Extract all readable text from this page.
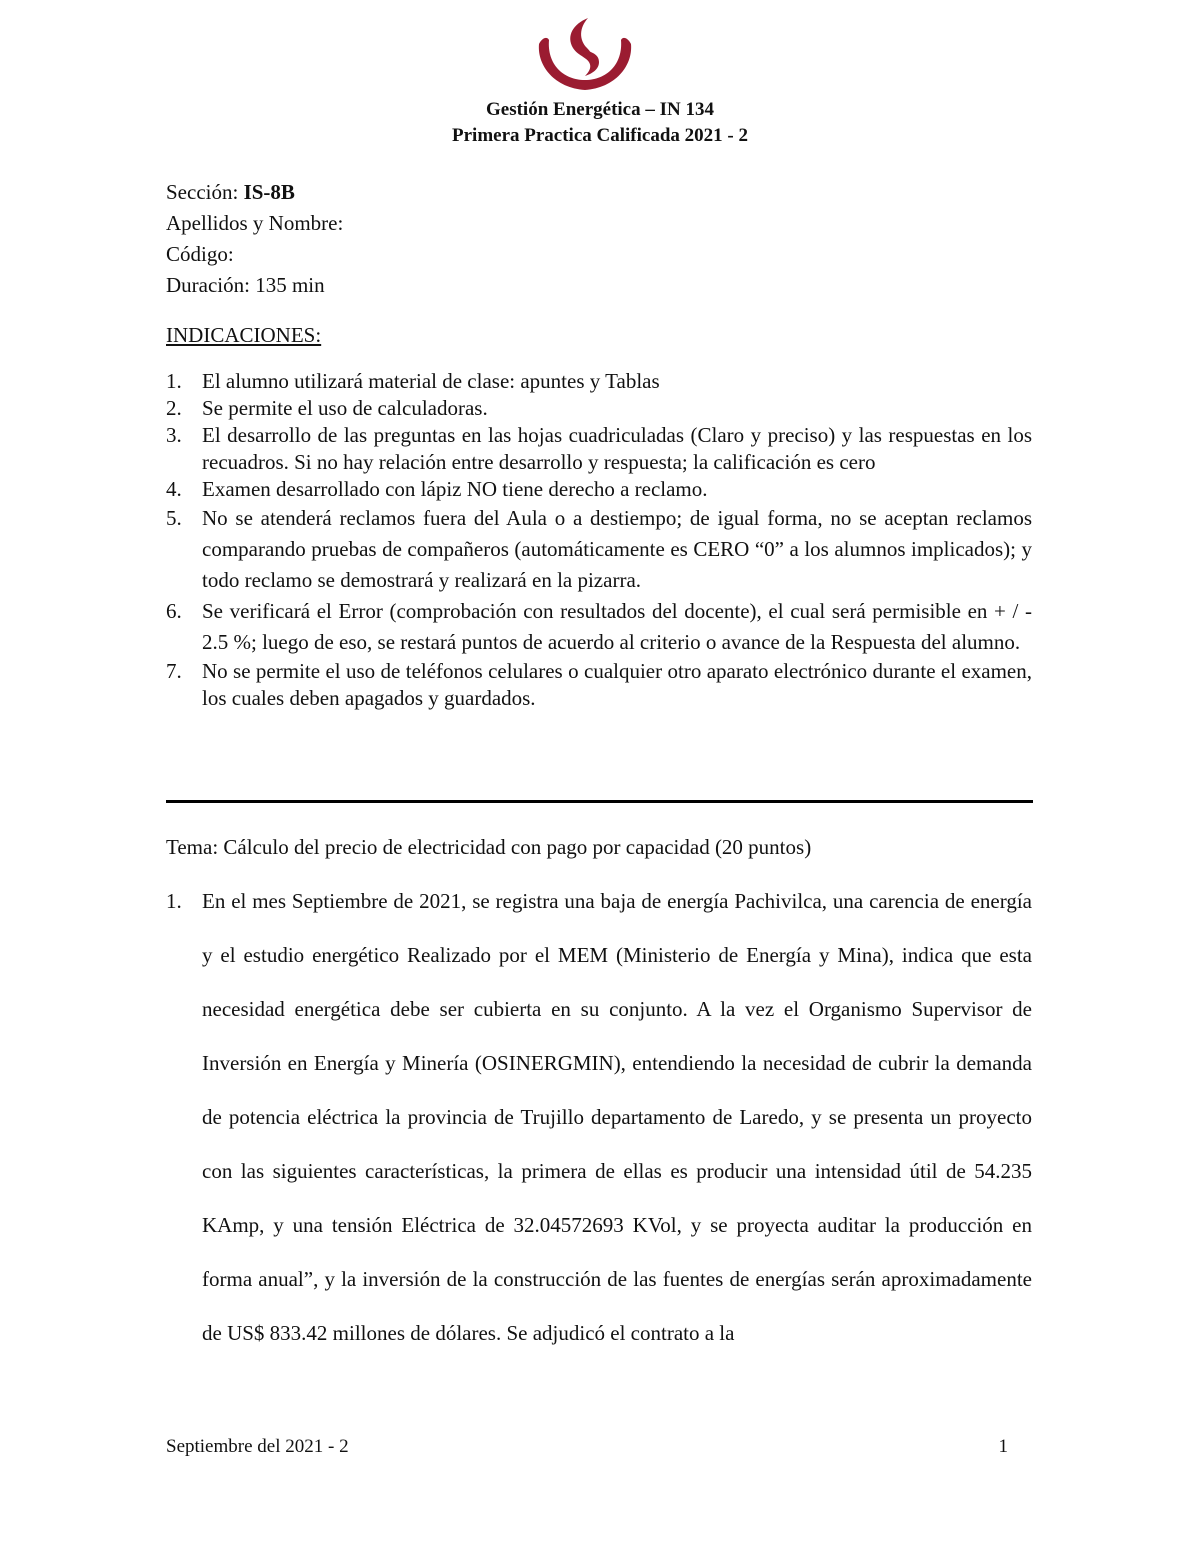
Gestión Energética – IN 134
Primera Practica Calificada 2021 - 2
Sección: IS-8B
Apellidos y Nombre:
Código:
Duración: 135 min
INDICACIONES:
1. El alumno utilizará material de clase: apuntes y Tablas
2. Se permite el uso de calculadoras.
3. El desarrollo de las preguntas en las hojas cuadriculadas (Claro y preciso) y las respuestas en los recuadros. Si no hay relación entre desarrollo y respuesta; la calificación es cero
4. Examen desarrollado con lápiz NO tiene derecho a reclamo.
5. No se atenderá reclamos fuera del Aula o a destiempo; de igual forma, no se aceptan reclamos comparando pruebas de compañeros (automáticamente es CERO “0” a los alumnos implicados); y todo reclamo se demostrará y realizará en la pizarra.
6. Se verificará el Error (comprobación con resultados del docente), el cual será permisible en + / - 2.5 %; luego de eso, se restará puntos de acuerdo al criterio o avance de la Respuesta del alumno.
7. No se permite el uso de teléfonos celulares o cualquier otro aparato electrónico durante el examen, los cuales deben apagados y guardados.
Tema: Cálculo del precio de electricidad con pago por capacidad (20 puntos)
1. En el mes Septiembre de 2021, se registra una baja de energía Pachivilca, una carencia de energía y el estudio energético Realizado por el MEM (Ministerio de Energía y Mina), indica que esta necesidad energética debe ser cubierta en su conjunto. A la vez el Organismo Supervisor de Inversión en Energía y Minería (OSINERGMIN), entendiendo la necesidad de cubrir la demanda de potencia eléctrica la provincia de Trujillo departamento de Laredo, y se presenta un proyecto con las siguientes características, la primera de ellas es producir una intensidad útil de 54.235 KAmp, y una tensión Eléctrica de 32.04572693 KVol, y se proyecta auditar la producción en forma anual”, y la inversión de la construcción de las fuentes de energías serán aproximadamente de US$ 833.42 millones de dólares. Se adjudicó el contrato a la
Septiembre del 2021 - 2	1
